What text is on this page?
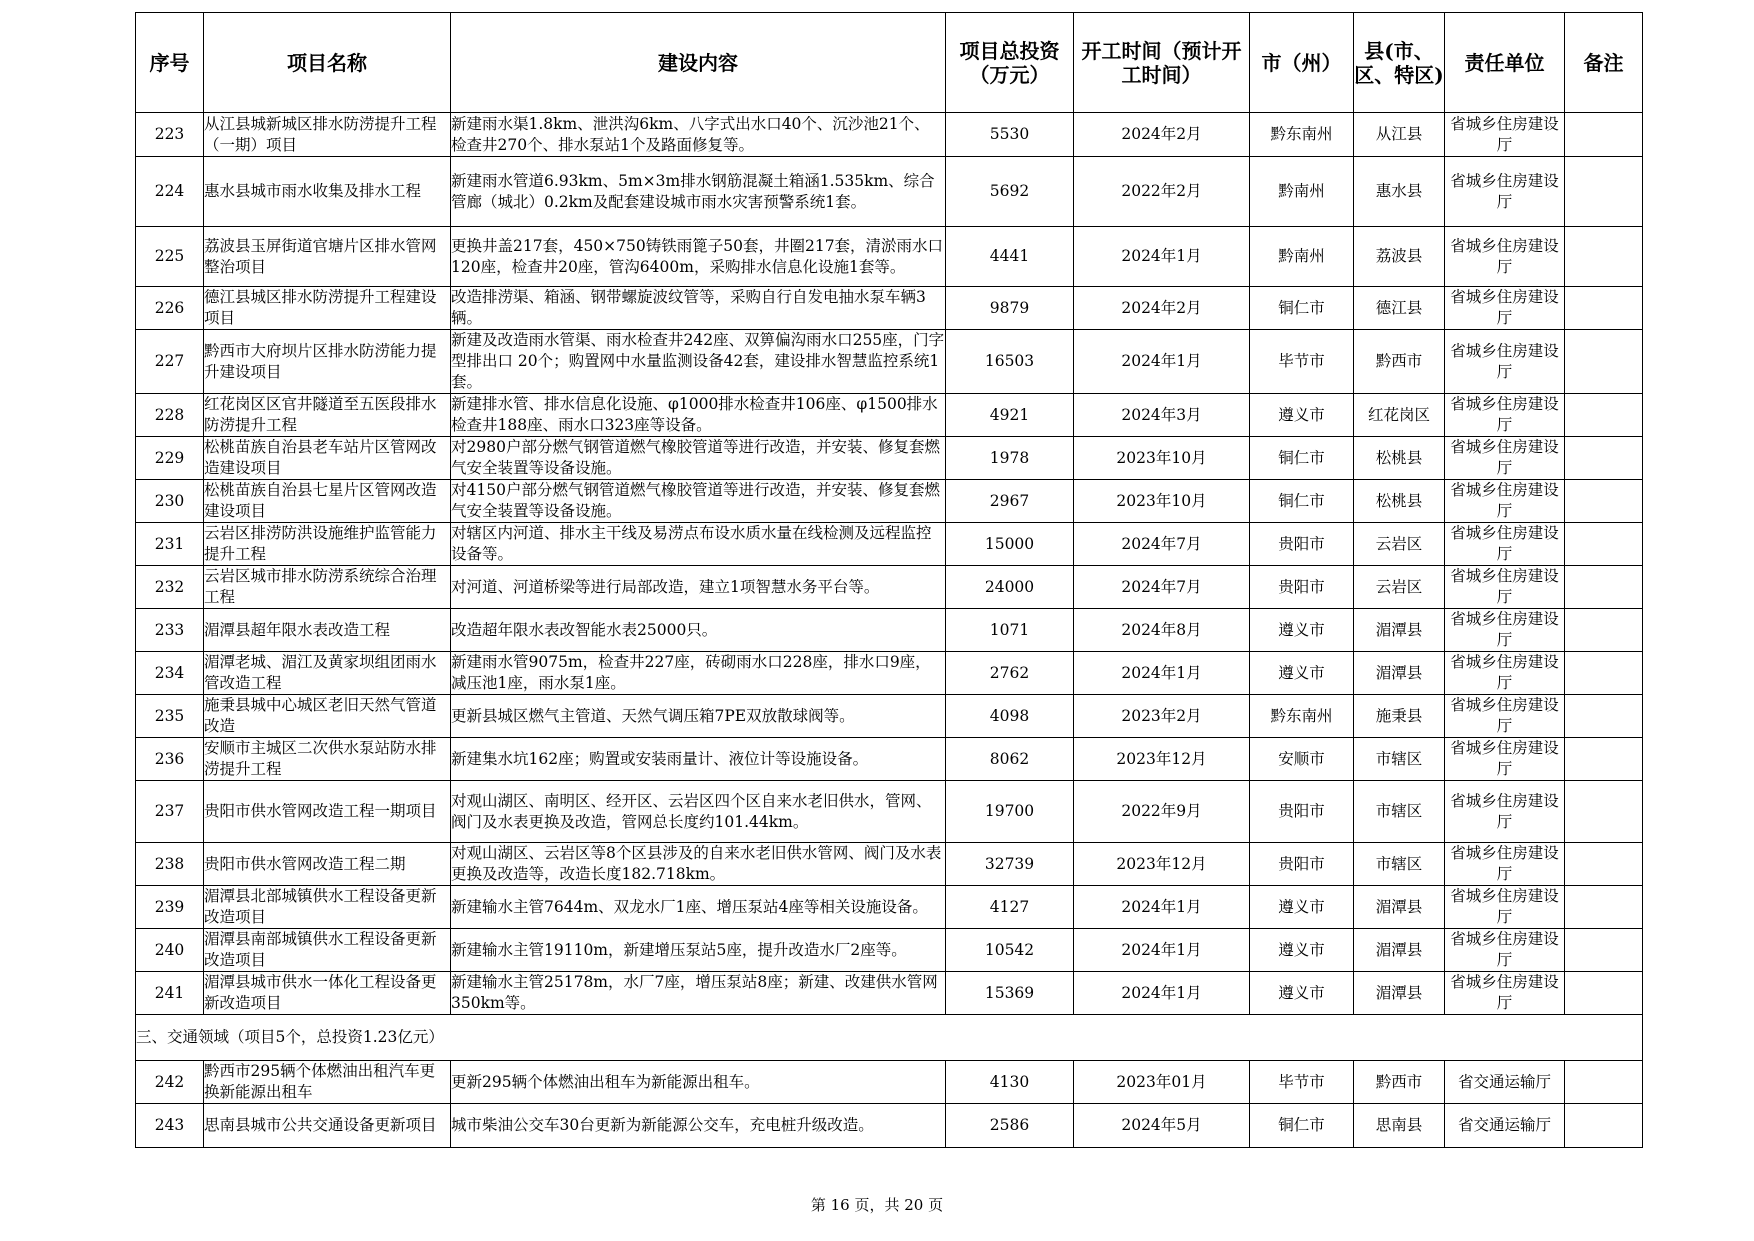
序号	项目名称	建设内容	项目总投资（万元）	开工时间（预计开工时间）	市（州）	县(市、区、特区)	责任单位	备注
223	从江县城新城区排水防涝提升工程（一期）项目	新建雨水渠1.8km、泄洪沟6km、八字式出水口40个、沉沙池21个、检查井270个、排水泵站1个及路面修复等。	5530	2024年2月	黔东南州	从江县	省城乡住房建设厅	
224	惠水县城市雨水收集及排水工程	新建雨水管道6.93km、5m×3m排水钢筋混凝土箱涵1.535km、综合管廊（城北）0.2km及配套建设城市雨水灾害预警系统1套。	5692	2022年2月	黔南州	惠水县	省城乡住房建设厅	
225	荔波县玉屏街道官塘片区排水管网整治项目	更换井盖217套，450×750铸铁雨篦子50套，井圈217套，清淤雨水口120座，检查井20座，管沟6400m，采购排水信息化设施1套等。	4441	2024年1月	黔南州	荔波县	省城乡住房建设厅	
226	德江县城区排水防涝提升工程建设项目	改造排涝渠、箱涵、钢带螺旋波纹管等，采购自行自发电抽水泵车辆3辆。	9879	2024年2月	铜仁市	德江县	省城乡住房建设厅	
227	黔西市大府坝片区排水防涝能力提升建设项目	新建及改造雨水管渠、雨水检查井242座、双箅偏沟雨水口255座，门字型排出口 20个；购置网中水量监测设备42套，建设排水智慧监控系统1套。	16503	2024年1月	毕节市	黔西市	省城乡住房建设厅	
228	红花岗区区官井隧道至五医段排水防涝提升工程	新建排水管、排水信息化设施、φ1000排水检查井106座、φ1500排水检查井188座、雨水口323座等设备。	4921	2024年3月	遵义市	红花岗区	省城乡住房建设厅	
229	松桃苗族自治县老车站片区管网改造建设项目	对2980户部分燃气钢管道燃气橡胶管道等进行改造，并安装、修复套燃气安全装置等设备设施。	1978	2023年10月	铜仁市	松桃县	省城乡住房建设厅	
230	松桃苗族自治县七星片区管网改造建设项目	对4150户部分燃气钢管道燃气橡胶管道等进行改造，并安装、修复套燃气安全装置等设备设施。	2967	2023年10月	铜仁市	松桃县	省城乡住房建设厅	
231	云岩区排涝防洪设施维护监管能力提升工程	对辖区内河道、排水主干线及易涝点布设水质水量在线检测及远程监控设备等。	15000	2024年7月	贵阳市	云岩区	省城乡住房建设厅	
232	云岩区城市排水防涝系统综合治理工程	对河道、河道桥梁等进行局部改造，建立1项智慧水务平台等。	24000	2024年7月	贵阳市	云岩区	省城乡住房建设厅	
233	湄潭县超年限水表改造工程	改造超年限水表改智能水表25000只。	1071	2024年8月	遵义市	湄潭县	省城乡住房建设厅	
234	湄潭老城、湄江及黄家坝组团雨水管改造工程	新建雨水管9075m，检查井227座，砖砌雨水口228座，排水口9座，减压池1座，雨水泵1座。	2762	2024年1月	遵义市	湄潭县	省城乡住房建设厅	
235	施秉县城中心城区老旧天然气管道改造	更新县城区燃气主管道、天然气调压箱7PE双放散球阀等。	4098	2023年2月	黔东南州	施秉县	省城乡住房建设厅	
236	安顺市主城区二次供水泵站防水排涝提升工程	新建集水坑162座；购置或安装雨量计、液位计等设施设备。	8062	2023年12月	安顺市	市辖区	省城乡住房建设厅	
237	贵阳市供水管网改造工程一期项目	对观山湖区、南明区、经开区、云岩区四个区自来水老旧供水，管网、阀门及水表更换及改造，管网总长度约101.44km。	19700	2022年9月	贵阳市	市辖区	省城乡住房建设厅	
238	贵阳市供水管网改造工程二期	对观山湖区、云岩区等8个区县涉及的自来水老旧供水管网、阀门及水表更换及改造等，改造长度182.718km。	32739	2023年12月	贵阳市	市辖区	省城乡住房建设厅	
239	湄潭县北部城镇供水工程设备更新改造项目	新建输水主管7644m、双龙水厂1座、增压泵站4座等相关设施设备。	4127	2024年1月	遵义市	湄潭县	省城乡住房建设厅	
240	湄潭县南部城镇供水工程设备更新改造项目	新建输水主管19110m，新建增压泵站5座，提升改造水厂2座等。	10542	2024年1月	遵义市	湄潭县	省城乡住房建设厅	
241	湄潭县城市供水一体化工程设备更新改造项目	新建输水主管25178m，水厂7座，增压泵站8座；新建、改建供水管网350km等。	15369	2024年1月	遵义市	湄潭县	省城乡住房建设厅	
三、交通领域（项目5个，总投资1.23亿元）								
242	黔西市295辆个体燃油出租汽车更换新能源出租车	更新295辆个体燃油出租车为新能源出租车。	4130	2023年01月	毕节市	黔西市	省交通运输厅	
243	思南县城市公共交通设备更新项目	城市柴油公交车30台更新为新能源公交车，充电桩升级改造。	2586	2024年5月	铜仁市	思南县	省交通运输厅	
第 16 页，共 20 页
